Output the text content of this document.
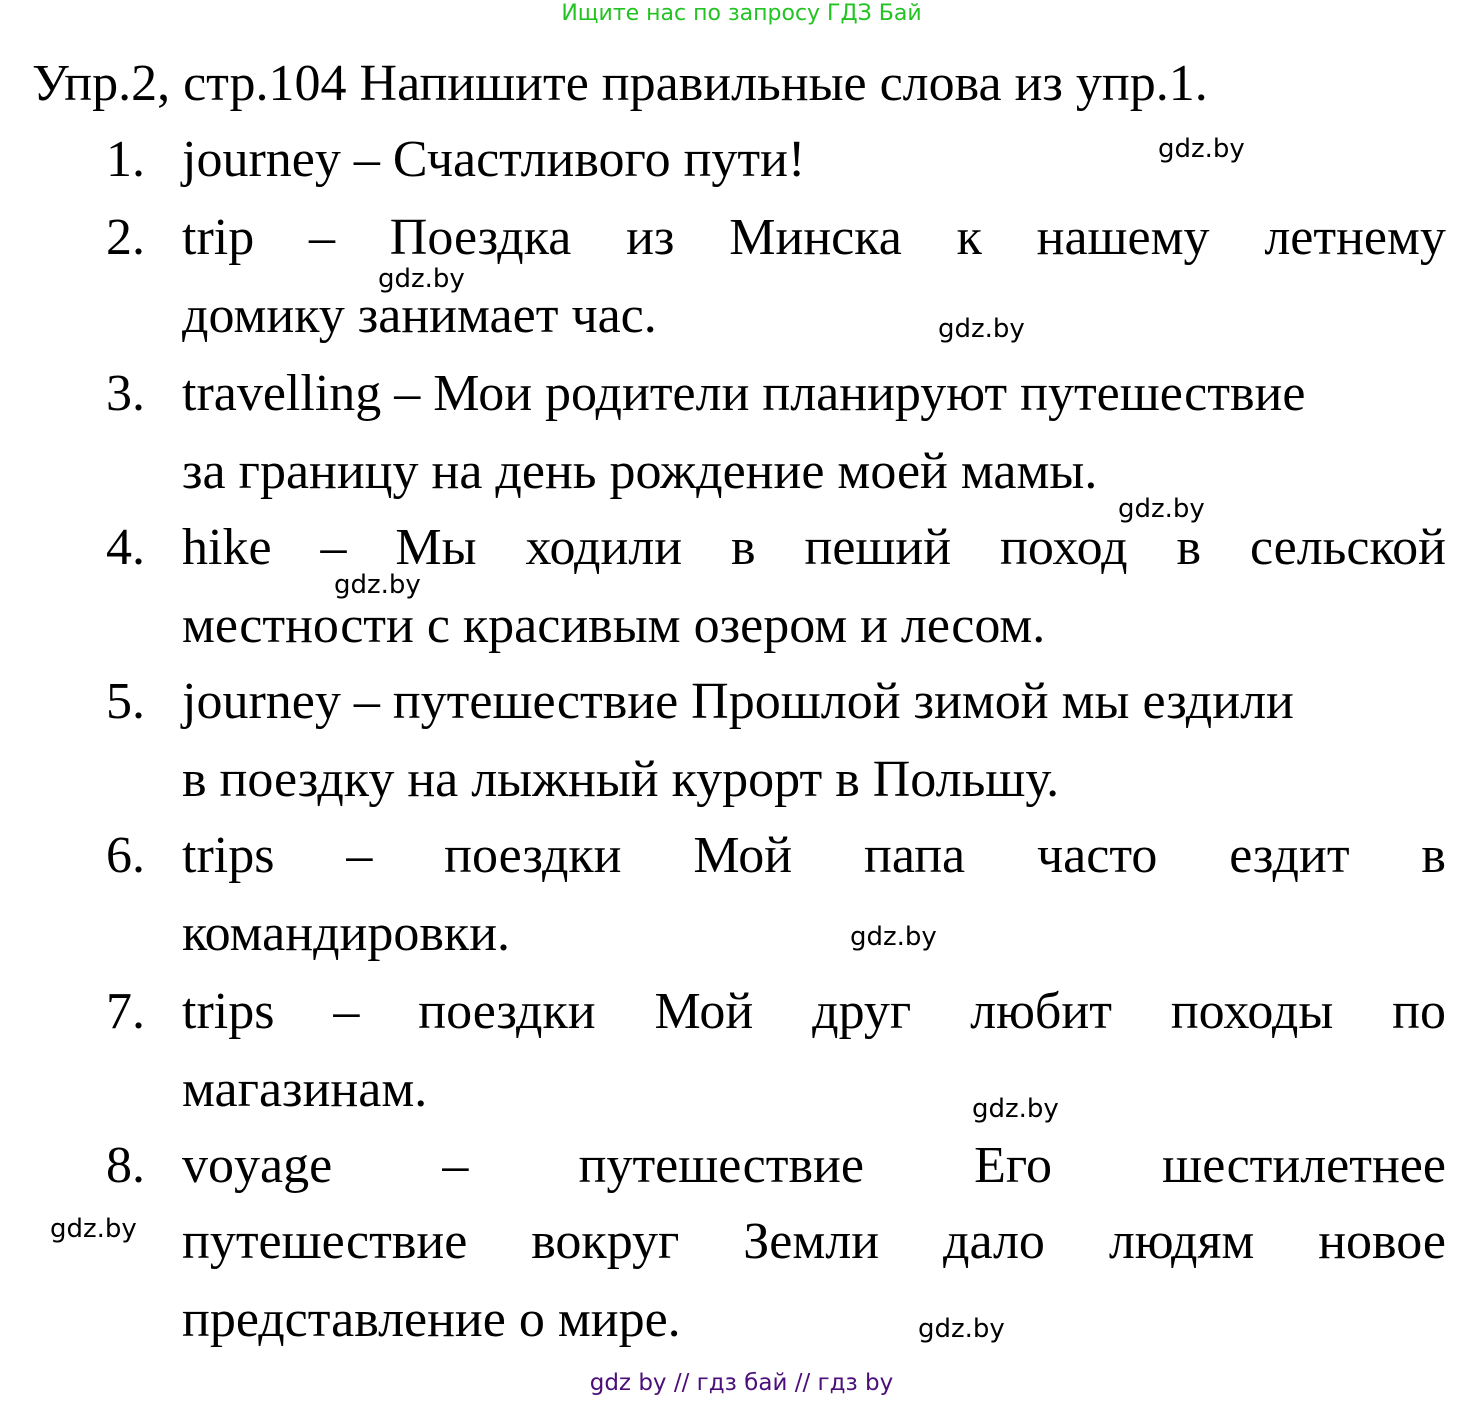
Ищите нас по запросу ГДЗ Бай
Упр.2, стр.104 Напишите правильные слова из упр.1.
1. journey – Счастливого пути!
2. trip – Поездка из Минска к нашему летнему
домику занимает час.
3. travelling – Мои родители планируют путешествие
за границу на день рождение моей мамы.
4. hike – Мы ходили в пеший поход в сельской
местности с красивым озером и лесом.
5. journey – путешествие Прошлой зимой мы ездили
в поездку на лыжный курорт в Польшу.
6. trips – поездки Мой папа часто ездит в
командировки.
7. trips – поездки Мой друг любит походы по
магазинам.
8. voyage – путешествие Его шестилетнее
путешествие вокруг Земли дало людям новое
представление о мире.
gdz.by
gdz.by
gdz.by
gdz.by
gdz.by
gdz.by
gdz.by
gdz.by
gdz.by
gdz by // гдз бай // гдз by
